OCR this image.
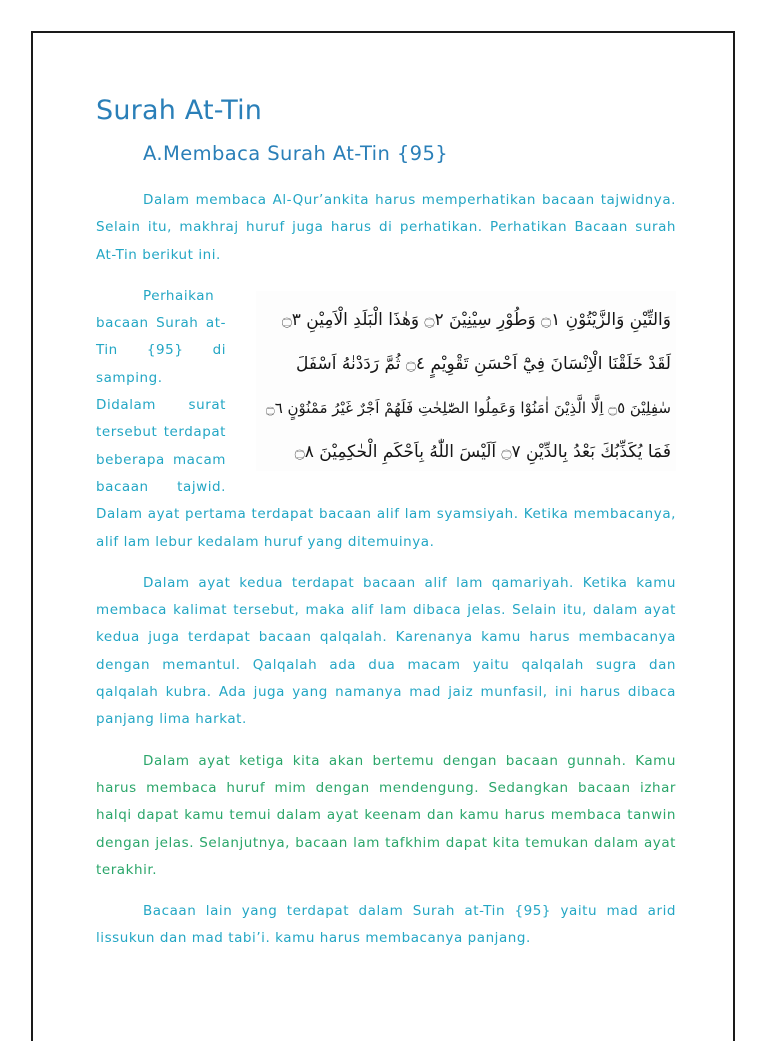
Surah At-Tin
A.Membaca Surah At-Tin {95}

Dalam membaca Al-Qur’ankita harus memperhatikan bacaan tajwidnya. Selain itu, makhraj huruf juga harus di perhatikan. Perhatikan Bacaan surah At-Tin berikut ini.

وَالتِّيْنِ وَالزَّيْتُوْنِ ۝١ وَطُوْرِ سِيْنِيْنَ ۝٢ وَهٰذَا الْبَلَدِ الْاَمِيْنِ ۝٣
لَقَدْ خَلَقْنَا الْاِنْسَانَ فِيْٓ اَحْسَنِ تَقْوِيْمٍ ۝٤ ثُمَّ رَدَدْنٰهُ اَسْفَلَ
سٰفِلِيْنَ ۝٥ اِلَّا الَّذِيْنَ اٰمَنُوْا وَعَمِلُوا الصّٰلِحٰتِ فَلَهُمْ اَجْرٌ غَيْرُ مَمْنُوْنٍ ۝٦
فَمَا يُكَذِّبُكَ بَعْدُ بِالدِّيْنِ ۝٧ اَلَيْسَ اللّٰهُ بِاَحْكَمِ الْحٰكِمِيْنَ ۝٨

Perhaikan bacaan Surah at-Tin {95} di samping. Didalam surat tersebut terdapat beberapa macam bacaan tajwid. Dalam ayat pertama terdapat bacaan alif lam syamsiyah. Ketika membacanya, alif lam lebur kedalam huruf yang ditemuinya.

Dalam ayat kedua terdapat bacaan alif lam qamariyah. Ketika kamu membaca kalimat tersebut, maka alif lam dibaca jelas. Selain itu, dalam ayat kedua juga terdapat bacaan qalqalah. Karenanya kamu harus membacanya dengan memantul. Qalqalah ada dua macam yaitu qalqalah sugra dan qalqalah kubra. Ada juga yang namanya mad jaiz munfasil, ini harus dibaca panjang lima harkat.

Dalam ayat ketiga kita akan bertemu dengan bacaan gunnah. Kamu harus membaca huruf mim dengan mendengung. Sedangkan bacaan izhar halqi dapat kamu temui dalam ayat keenam dan kamu harus membaca tanwin dengan jelas. Selanjutnya, bacaan lam tafkhim dapat kita temukan dalam ayat terakhir.

Bacaan lain yang terdapat dalam Surah at-Tin {95} yaitu mad arid lissukun dan mad tabi’i. kamu harus membacanya panjang.
